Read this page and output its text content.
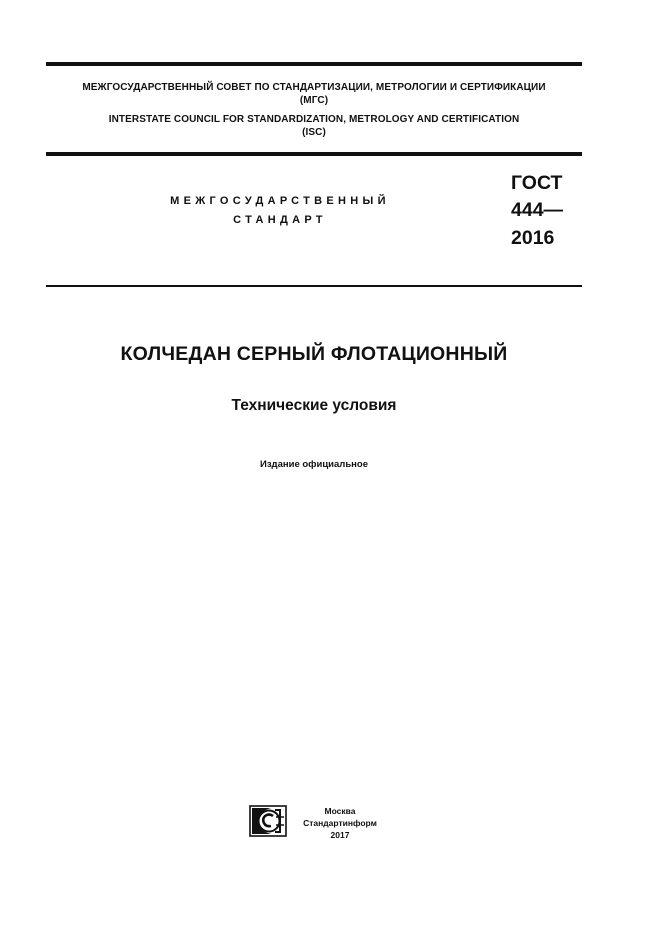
МЕЖГОСУДАРСТВЕННЫЙ СОВЕТ ПО СТАНДАРТИЗАЦИИ, МЕТРОЛОГИИ И СЕРТИФИКАЦИИ
(МГС)
INTERSTATE COUNCIL FOR STANDARDIZATION, METROLOGY AND CERTIFICATION
(ISC)
МЕЖГОСУДАРСТВЕННЫЙ
СТАНДАРТ
ГОСТ
444—
2016
КОЛЧЕДАН СЕРНЫЙ ФЛОТАЦИОННЫЙ
Технические условия
Издание официальное
Москва
Стандартинформ
2017
